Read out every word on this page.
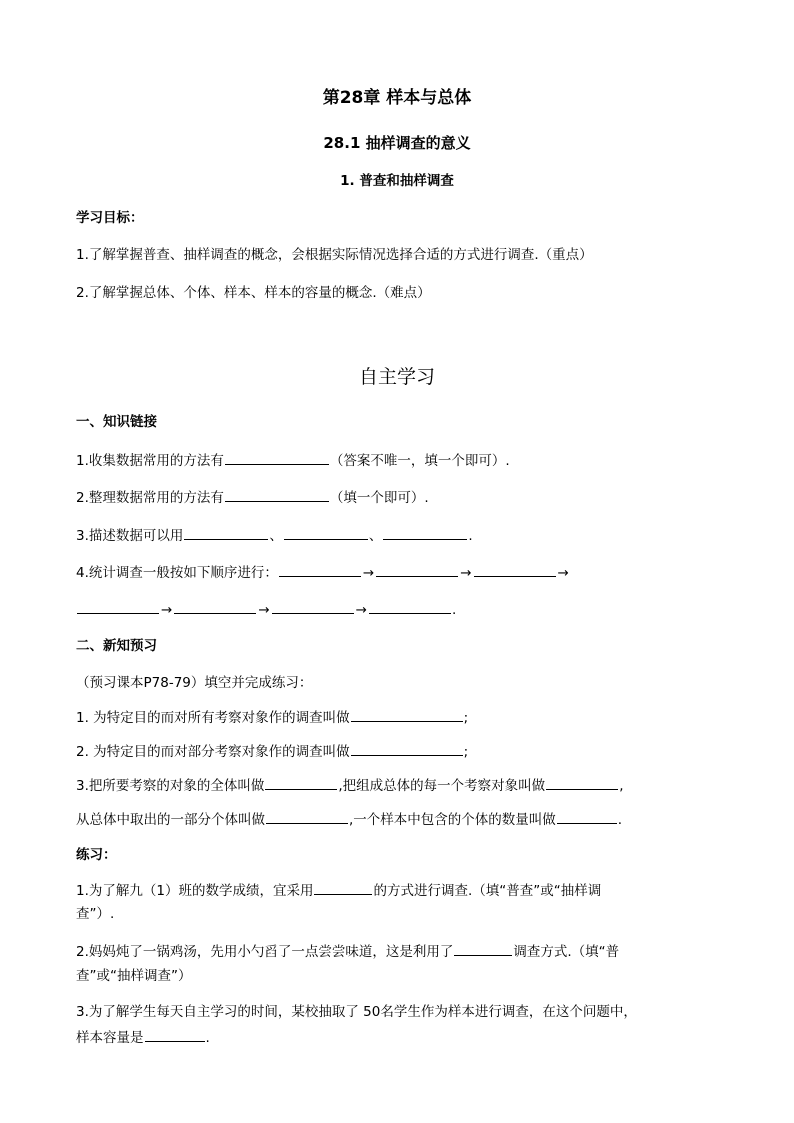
第28章 样本与总体
28.1 抽样调查的意义
1. 普查和抽样调查
学习目标：
1.了解掌握普查、抽样调查的概念，会根据实际情况选择合适的方式进行调查.（重点）
2.了解掌握总体、个体、样本、样本的容量的概念.（难点）
自主学习
一、知识链接
1.收集数据常用的方法有	（答案不唯一，填一个即可）.
2.整理数据常用的方法有	（填一个即可）.
3.描述数据可以用	、	、	.
4.统计调查一般按如下顺序进行：	→	→	→
→	→	→	.
二、新知预习
（预习课本P78-79）填空并完成练习：
1. 为特定目的而对所有考察对象作的调查叫做	;
2. 为特定目的而对部分考察对象作的调查叫做	;
3.把所要考察的对象的全体叫做	,把组成总体的每一个考察对象叫做	,
从总体中取出的一部分个体叫做	,一个样本中包含的个体的数量叫做	.
练习：
1.为了解九（1）班的数学成绩，宜采用	的方式进行调查.（填“普查”或“抽样调
查”）.
2.妈妈炖了一锅鸡汤，先用小勺舀了一点尝尝味道，这是利用了	调查方式.（填“普
查”或“抽样调查”）
3.为了解学生每天自主学习的时间，某校抽取了 50名学生作为样本进行调查，在这个问题中，
样本容量是	.
